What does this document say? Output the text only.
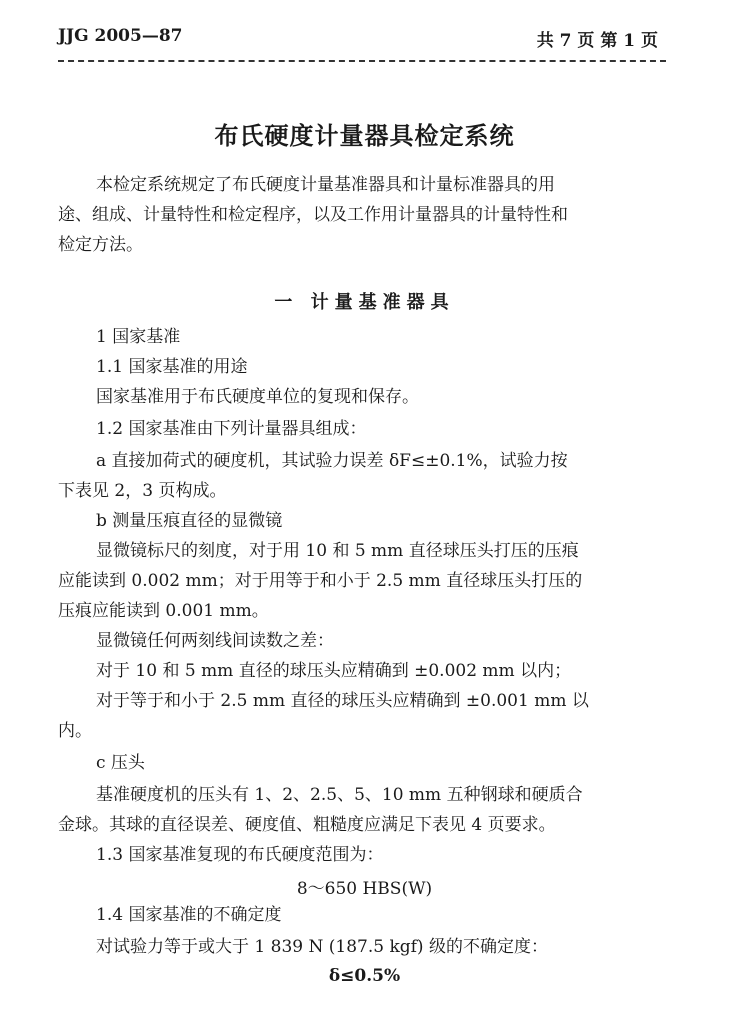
JJG 2005—87	共 7 页 第 1 页
布氏硬度计量器具检定系统
本检定系统规定了布氏硬度计量基准器具和计量标准器具的用
途、组成、计量特性和检定程序，以及工作用计量器具的计量特性和
检定方法。
一 计量基准器具
1 国家基准
1.1 国家基准的用途
国家基准用于布氏硬度单位的复现和保存。
1.2 国家基准由下列计量器具组成：
a 直接加荷式的硬度机，其试验力误差 δF≤±0.1%，试验力按
下表见 2，3 页构成。
b 测量压痕直径的显微镜
显微镜标尺的刻度，对于用 10 和 5 mm 直径球压头打压的压痕
应能读到 0.002 mm；对于用等于和小于 2.5 mm 直径球压头打压的
压痕应能读到 0.001 mm。
显微镜任何两刻线间读数之差：
对于 10 和 5 mm 直径的球压头应精确到 ±0.002 mm 以内；
对于等于和小于 2.5 mm 直径的球压头应精确到 ±0.001 mm 以
内。
c 压头
基准硬度机的压头有 1、2、2.5、5、10 mm 五种钢球和硬质合
金球。其球的直径误差、硬度值、粗糙度应满足下表见 4 页要求。
1.3 国家基准复现的布氏硬度范围为：
8～650 HBS(W)
1.4 国家基准的不确定度
对试验力等于或大于 1 839 N (187.5 kgf) 级的不确定度：
δ≤0.5%
